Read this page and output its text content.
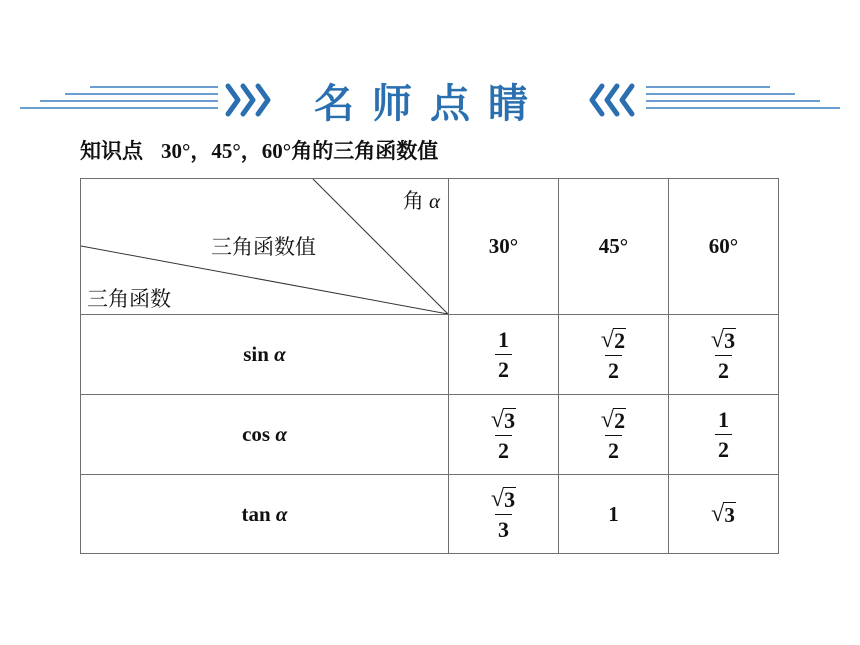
名师点睛
知识点 30°，45°，60°角的三角函数值
角 α
三角函数值
三角函数	30°	45°	60°
sin α	$\frac{1}{2}$	$\frac{√ 2}{2}$	$\frac{√ 3}{2}$

cos α	$\frac{√ 3}{2}$	$\frac{√ 2}{2}$	$\frac{1}{2}$

tan α	$\frac{√ 3}{3}$	1	√ 3
